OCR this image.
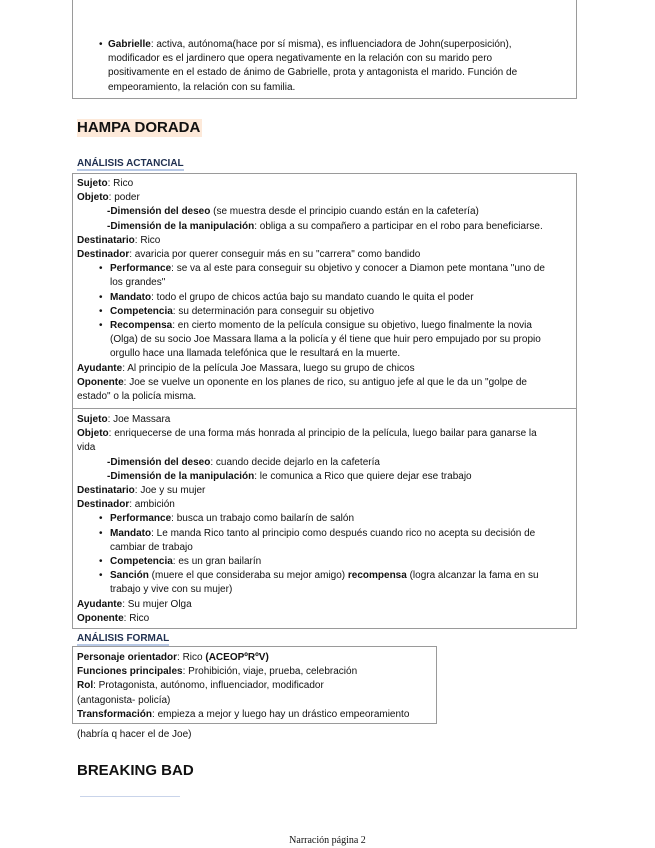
• Gabrielle: activa, autónoma(hace por sí misma), es influenciadora de John(superposición),
modificador es el jardinero que opera negativamente en la relación con su marido pero
positivamente en el estado de ánimo de Gabrielle, prota y antagonista el marido. Función de
empeoramiento, la relación con su familia.
HAMPA DORADA
ANÁLISIS ACTANCIAL
Sujeto: Rico
Objeto: poder
-Dimensión del deseo (se muestra desde el principio cuando están en la cafetería)
-Dimensión de la manipulación: obliga a su compañero a participar en el robo para beneficiarse.
Destinatario: Rico
Destinador: avaricia por querer conseguir más en su "carrera" como bandido
• Performance: se va al este para conseguir su objetivo y conocer a Diamon pete montana "uno de
los grandes"
• Mandato: todo el grupo de chicos actúa bajo su mandato cuando le quita el poder
• Competencia: su determinación para conseguir su objetivo
• Recompensa: en cierto momento de la película consigue su objetivo, luego finalmente la novia
(Olga) de su socio Joe Massara llama a la policía y él tiene que huir pero empujado por su propio
orgullo hace una llamada telefónica que le resultará en la muerte.
Ayudante: Al principio de la película Joe Massara, luego su grupo de chicos
Oponente: Joe se vuelve un oponente en los planes de rico, su antiguo jefe al que le da un "golpe de
estado" o la policía misma.
Sujeto: Joe Massara
Objeto: enriquecerse de una forma más honrada al principio de la película, luego bailar para ganarse la
vida
-Dimensión del deseo: cuando decide dejarlo en la cafetería
-Dimensión de la manipulación: le comunica a Rico que quiere dejar ese trabajo
Destinatario: Joe y su mujer
Destinador: ambición
• Performance: busca un trabajo como bailarín de salón
• Mandato: Le manda Rico tanto al principio como después cuando rico no acepta su decisión de
cambiar de trabajo
• Competencia: es un gran bailarín
• Sanción (muere el que consideraba su mejor amigo) recompensa (logra alcanzar la fama en su
trabajo y vive con su mujer)
Ayudante: Su mujer Olga
Oponente: Rico
ANÁLISIS FORMAL
Personaje orientador: Rico (ACEOPºRºV)
Funciones principales: Prohibición, viaje, prueba, celebración
Rol: Protagonista, autónomo, influenciador, modificador
(antagonista- policía)
Transformación: empieza a mejor y luego hay un drástico empeoramiento
(habría q hacer el de Joe)
BREAKING BAD
Narración página 2
